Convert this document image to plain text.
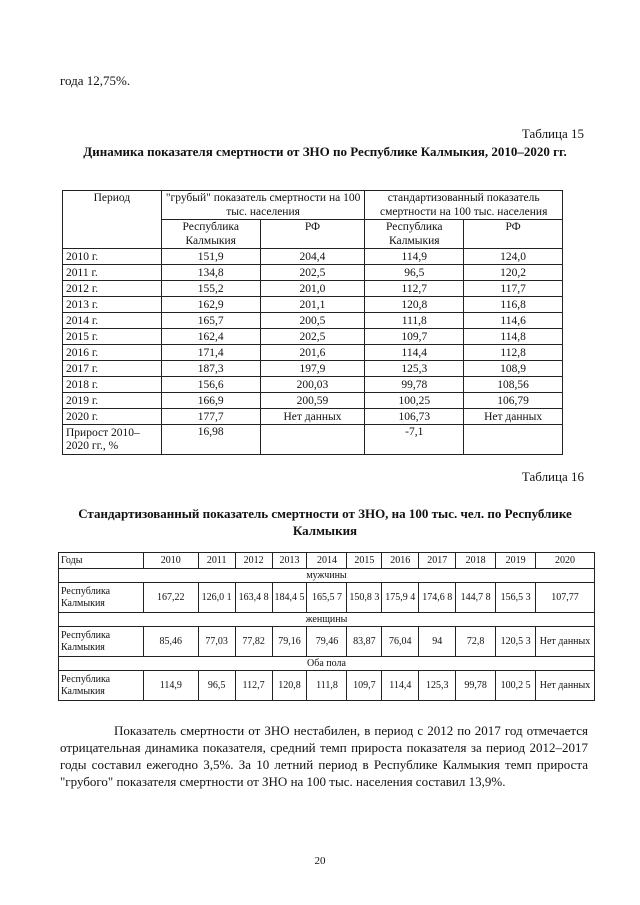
года 12,75%.
Таблица 15
Динамика показателя смертности от ЗНО по Республике Калмыкия, 2010–2020 гг.
Период	"грубый" показатель смертности на 100 тыс. населения		стандартизованный показатель смертности на 100 тыс. населения	
	Республика Калмыкия	РФ	Республика Калмыкия	РФ
2010 г.	151,9	204,4	114,9	124,0
2011 г.	134,8	202,5	96,5	120,2
2012 г.	155,2	201,0	112,7	117,7
2013 г.	162,9	201,1	120,8	116,8
2014 г.	165,7	200,5	111,8	114,6
2015 г.	162,4	202,5	109,7	114,8
2016 г.	171,4	201,6	114,4	112,8
2017 г.	187,3	197,9	125,3	108,9
2018 г.	156,6	200,03	99,78	108,56
2019 г.	166,9	200,59	100,25	106,79
2020 г.	177,7	Нет данных	106,73	Нет данных
Прирост 2010–2020 гг., %	16,98		-7,1	
Таблица 16
Стандартизованный показатель смертности от ЗНО, на 100 тыс. чел. по Республике Калмыкия
Годы	2010	2011	2012	2013	2014	2015	2016	2017	2018	2019	2020
мужчины											
Республика Калмыкия	167,22	126,0 1	163,4 8	184,4 5	165,5 7	150,8 3	175,9 4	174,6 8	144,7 8	156,5 3	107,77
женщины											
Республика Калмыкия	85,46	77,03	77,82	79,16	79,46	83,87	76,04	94	72,8	120,5 3	Нет данных
Оба пола											
Республика Калмыкия	114,9	96,5	112,7	120,8	111,8	109,7	114,4	125,3	99,78	100,2 5	Нет данных
Показатель смертности от ЗНО нестабилен, в период с 2012 по 2017 год отмечается отрицательная динамика показателя, средний темп прироста показателя за период 2012–2017 годы составил ежегодно 3,5%. За 10 летний период в Республике Калмыкия темп прироста "грубого" показателя смертности от ЗНО на 100 тыс. населения составил 13,9%.
20
